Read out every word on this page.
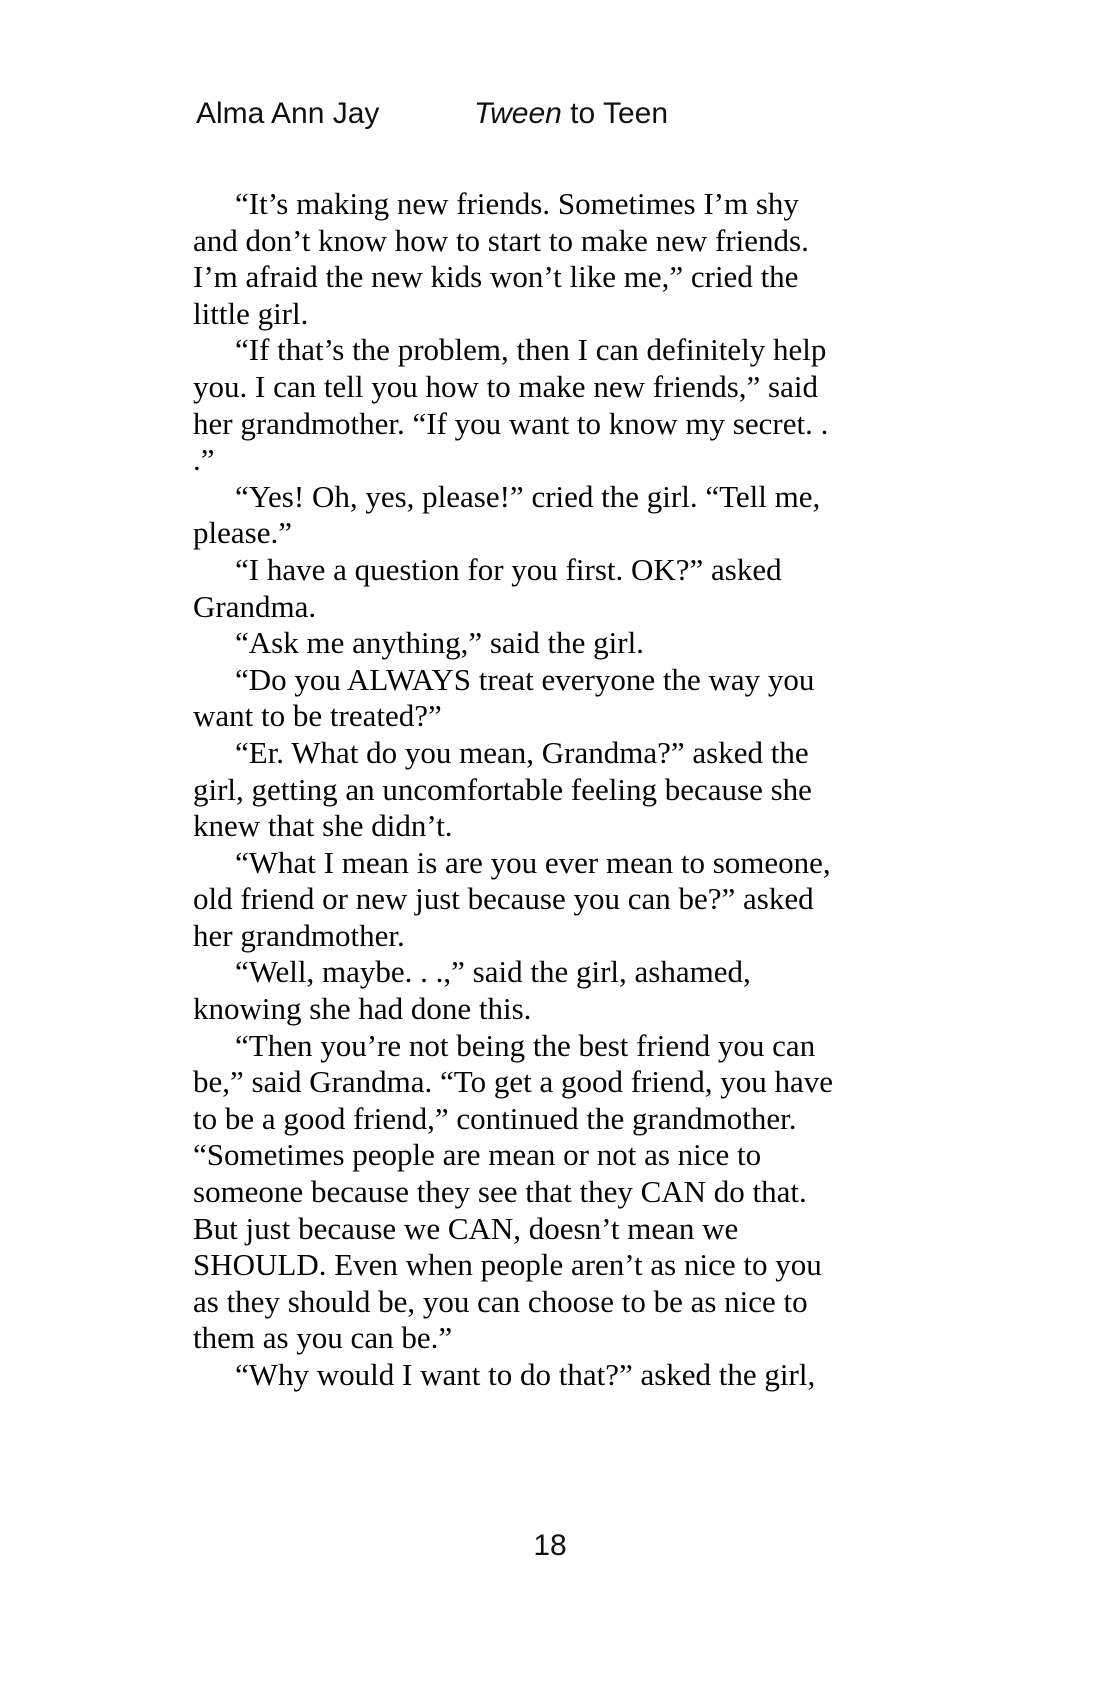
Alma Ann Jay	Tween to Teen
“It’s making new friends. Sometimes I’m shy
and don’t know how to start to make new friends.
I’m afraid the new kids won’t like me,” cried the
little girl.
“If that’s the problem, then I can definitely help
you. I can tell you how to make new friends,” said
her grandmother. “If you want to know my secret. .
.”
“Yes! Oh, yes, please!” cried the girl. “Tell me,
please.”
“I have a question for you first. OK?” asked
Grandma.
“Ask me anything,” said the girl.
“Do you ALWAYS treat everyone the way you
want to be treated?”
“Er. What do you mean, Grandma?” asked the
girl, getting an uncomfortable feeling because she
knew that she didn’t.
“What I mean is are you ever mean to someone,
old friend or new just because you can be?” asked
her grandmother.
“Well, maybe. . .,” said the girl, ashamed,
knowing she had done this.
“Then you’re not being the best friend you can
be,” said Grandma. “To get a good friend, you have
to be a good friend,” continued the grandmother.
“Sometimes people are mean or not as nice to
someone because they see that they CAN do that.
But just because we CAN, doesn’t mean we
SHOULD. Even when people aren’t as nice to you
as they should be, you can choose to be as nice to
them as you can be.”
“Why would I want to do that?” asked the girl,
18
